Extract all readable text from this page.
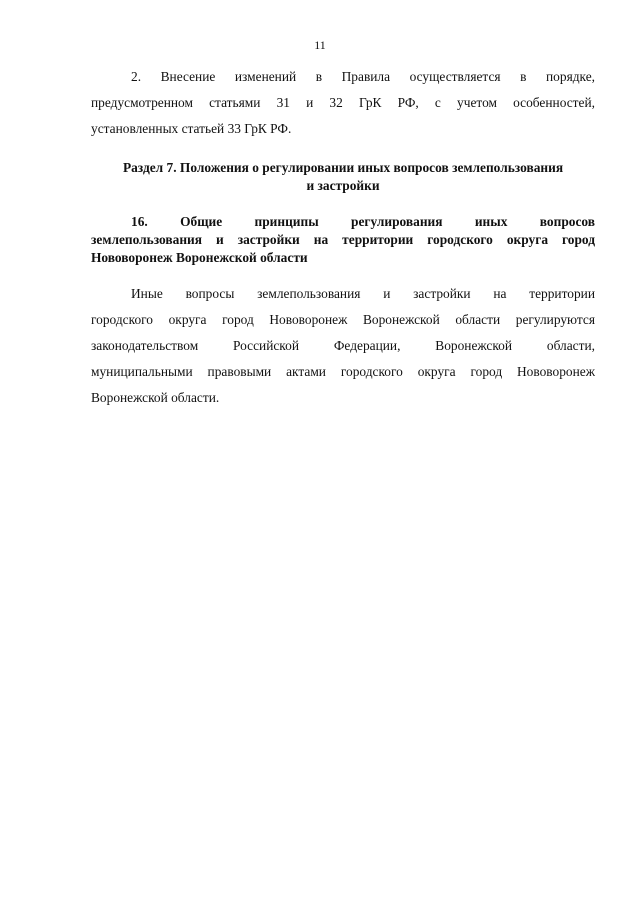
11
2. Внесение изменений в Правила осуществляется в порядке,
предусмотренном статьями 31 и 32 ГрК РФ, с учетом особенностей,
установленных статьей 33 ГрК РФ.
Раздел 7. Положения о регулировании иных вопросов землепользования
и застройки
16. Общие принципы регулирования иных вопросов
землепользования и застройки на территории городского округа город
Нововоронеж Воронежской области
Иные вопросы землепользования и застройки на территории
городского округа город Нововоронеж Воронежской области регулируются
законодательством Российской Федерации, Воронежской области,
муниципальными правовыми актами городского округа город Нововоронеж
Воронежской области.
